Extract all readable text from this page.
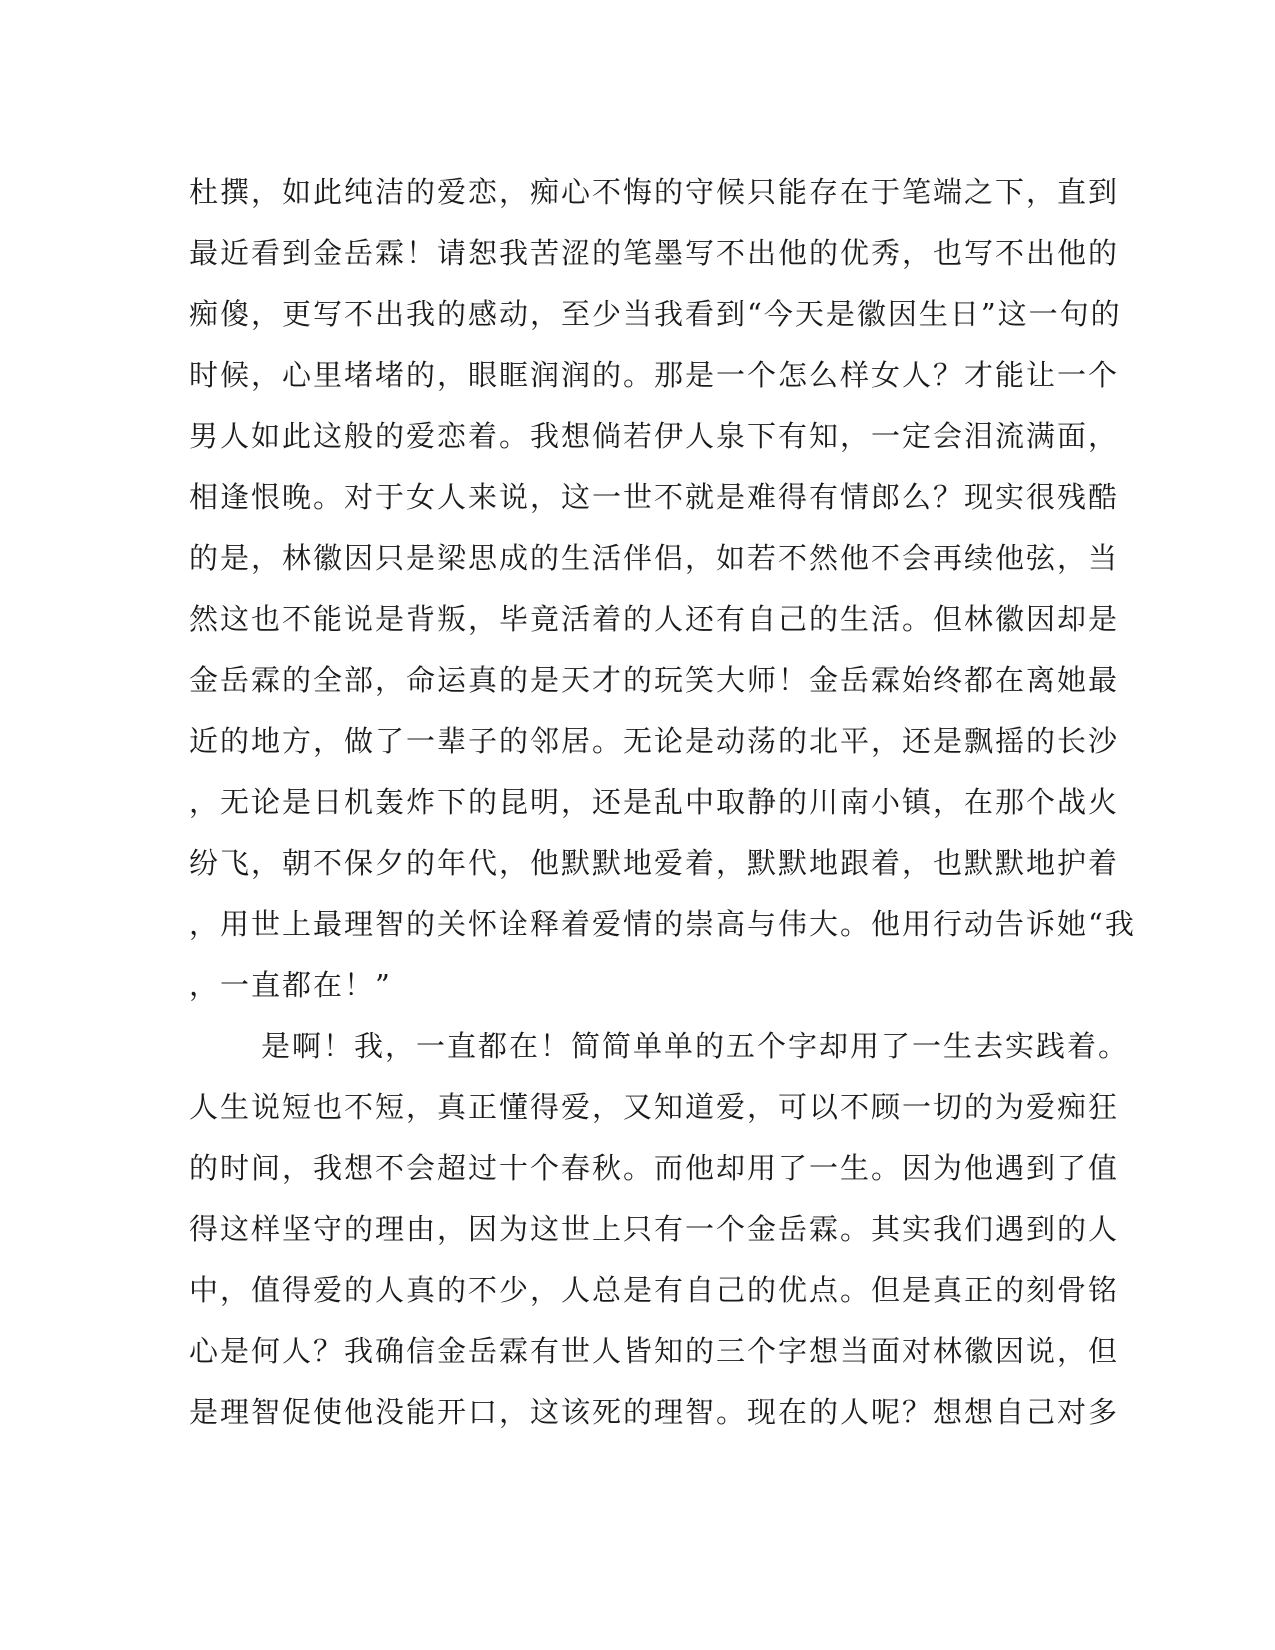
杜撰，如此纯洁的爱恋，痴心不悔的守候只能存在于笔端之下，直到
最近看到金岳霖！请恕我苦涩的笔墨写不出他的优秀，也写不出他的
痴傻，更写不出我的感动，至少当我看到“今天是徽因生日”这一句的
时候，心里堵堵的，眼眶润润的。那是一个怎么样女人？才能让一个
男人如此这般的爱恋着。我想倘若伊人泉下有知，一定会泪流满面，
相逢恨晚。对于女人来说，这一世不就是难得有情郎么？现实很残酷
的是，林徽因只是梁思成的生活伴侣，如若不然他不会再续他弦，当
然这也不能说是背叛，毕竟活着的人还有自己的生活。但林徽因却是
金岳霖的全部，命运真的是天才的玩笑大师！金岳霖始终都在离她最
近的地方，做了一辈子的邻居。无论是动荡的北平，还是飘摇的长沙
，无论是日机轰炸下的昆明，还是乱中取静的川南小镇，在那个战火
纷飞，朝不保夕的年代，他默默地爱着，默默地跟着，也默默地护着
，用世上最理智的关怀诠释着爱情的崇高与伟大。他用行动告诉她“我
，一直都在！”
是啊！我，一直都在！简简单单的五个字却用了一生去实践着。
人生说短也不短，真正懂得爱，又知道爱，可以不顾一切的为爱痴狂
的时间，我想不会超过十个春秋。而他却用了一生。因为他遇到了值
得这样坚守的理由，因为这世上只有一个金岳霖。其实我们遇到的人
中，值得爱的人真的不少，人总是有自己的优点。但是真正的刻骨铭
心是何人？我确信金岳霖有世人皆知的三个字想当面对林徽因说，但
是理智促使他没能开口，这该死的理智。现在的人呢？想想自己对多
